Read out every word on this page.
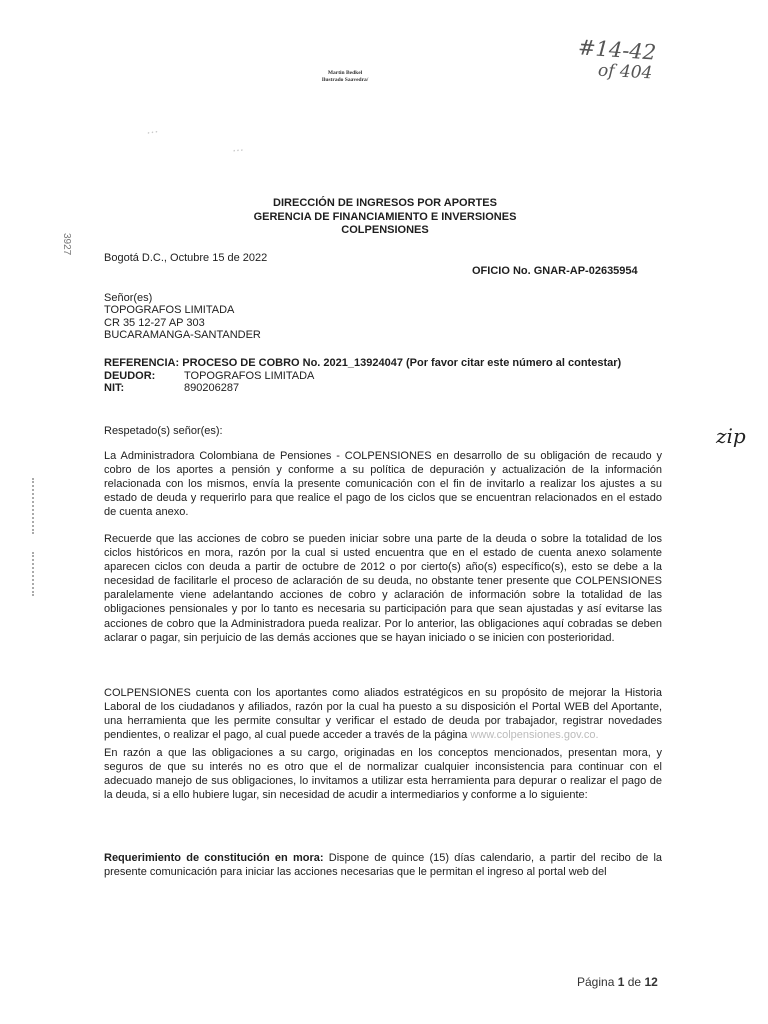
Martin Bedkel
Ilustrado Saavedra/
#14-42
of 404
zip
…
...
3927
DIRECCIÓN DE INGRESOS POR APORTES
GERENCIA DE FINANCIAMIENTO E INVERSIONES
COLPENSIONES
Bogotá D.C., Octubre 15 de 2022
OFICIO No. GNAR-AP-02635954
Señor(es)
TOPOGRAFOS LIMITADA
CR 35 12-27 AP 303
BUCARAMANGA-SANTANDER
REFERENCIA: PROCESO DE COBRO No. 2021_13924047 (Por favor citar este número al contestar)
DEUDOR:	TOPOGRAFOS LIMITADA
NIT:	890206287
Respetado(s) señor(es):
La Administradora Colombiana de Pensiones - COLPENSIONES en desarrollo de su obligación de recaudo y cobro de los aportes a pensión y conforme a su política de depuración y actualización de la información relacionada con los mismos, envía la presente comunicación con el fin de invitarlo a realizar los ajustes a su estado de deuda y requerirlo para que realice el pago de los ciclos que se encuentran relacionados en el estado de cuenta anexo.
Recuerde que las acciones de cobro se pueden iniciar sobre una parte de la deuda o sobre la totalidad de los ciclos históricos en mora, razón por la cual si usted encuentra que en el estado de cuenta anexo solamente aparecen ciclos con deuda a partir de octubre de 2012 o por cierto(s) año(s) específico(s), esto se debe a la necesidad de facilitarle el proceso de aclaración de su deuda, no obstante tener presente que COLPENSIONES paralelamente viene adelantando acciones de cobro y aclaración de información sobre la totalidad de las obligaciones pensionales y por lo tanto es necesaria su participación para que sean ajustadas y así evitarse las acciones de cobro que la Administradora pueda realizar. Por lo anterior, las obligaciones aquí cobradas se deben aclarar o pagar, sin perjuicio de las demás acciones que se hayan iniciado o se inicien con posterioridad.
COLPENSIONES cuenta con los aportantes como aliados estratégicos en su propósito de mejorar la Historia Laboral de los ciudadanos y afiliados, razón por la cual ha puesto a su disposición el Portal WEB del Aportante, una herramienta que les permite consultar y verificar el estado de deuda por trabajador, registrar novedades pendientes, o realizar el pago, al cual puede acceder a través de la página www.colpensiones.gov.co.
En razón a que las obligaciones a su cargo, originadas en los conceptos mencionados, presentan mora, y seguros de que su interés no es otro que el de normalizar cualquier inconsistencia para continuar con el adecuado manejo de sus obligaciones, lo invitamos a utilizar esta herramienta para depurar o realizar el pago de la deuda, si a ello hubiere lugar, sin necesidad de acudir a intermediarios y conforme a lo siguiente:
Requerimiento de constitución en mora: Dispone de quince (15) días calendario, a partir del recibo de la presente comunicación para iniciar las acciones necesarias que le permitan el ingreso al portal web del
Página 1 de 12
